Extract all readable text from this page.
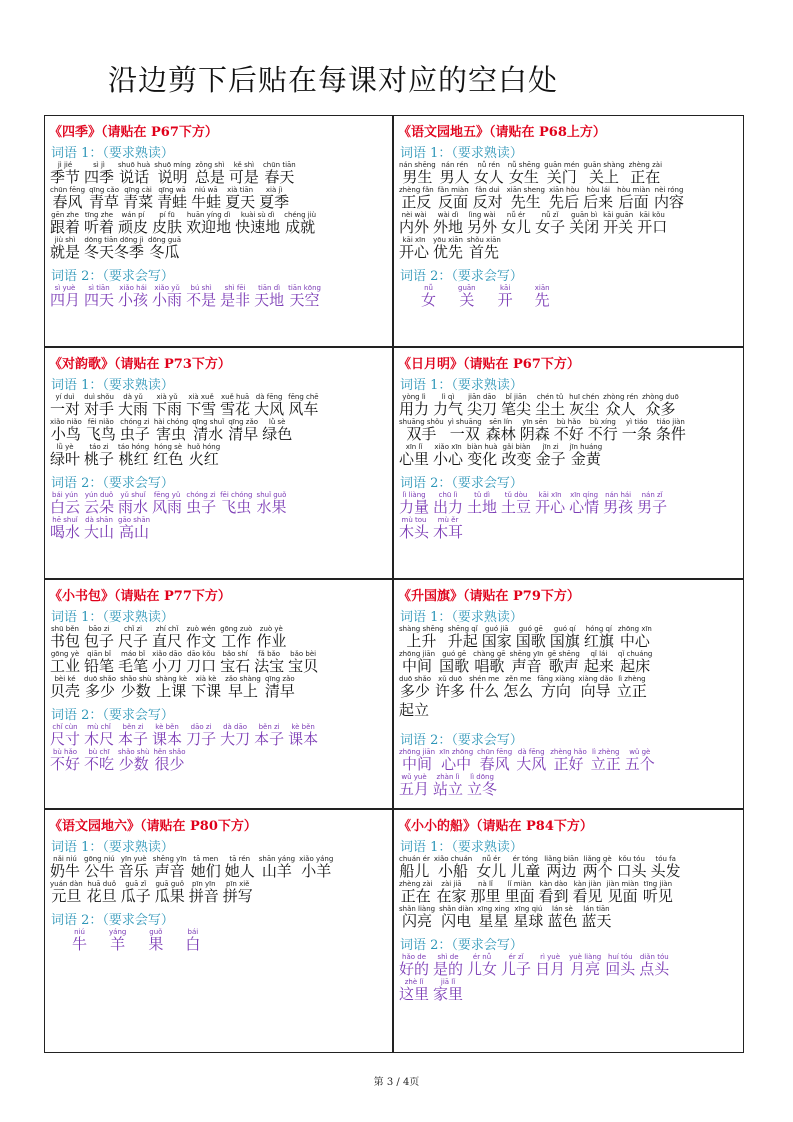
沿边剪下后贴在每课对应的空白处
《四季》（请贴在 P67下方）
词语 1：（要求熟读）
jì jié
季节
sì jì
四季
shuō huà
说话
shuō míng
说明
zǒng shì
总是
kě shì
可是
chūn tiān
春天
chūn fēng
春风
qīng cǎo
青草
qīng cài
青菜
qīng wā
青蛙
niú wā
牛蛙
xià tiān
夏天
xià jì
夏季
gēn zhe
跟着
tīng zhe
听着
wán pí
顽皮
pí fū
皮肤
huān yíng dì
欢迎地
kuài sù dì
快速地
chéng jiù
成就
jiù shì
就是
dōng tiān dōng jì
冬天冬季
dōng guā
冬瓜
词语 2：（要求会写）
sì yuè
四月
sì tiān
四天
xiǎo hái
小孩
xiǎo yǔ
小雨
bú shì
不是
shì fēi
是非
tiān dì
天地
tiān kōng
天空
《语文园地五》（请贴在 P68上方）
词语 1：（要求熟读）
nán shēng
男生
nán rén
男人
nǚ rén
女人
nǚ shēng
女生
guān mén
关门
guān shàng
关上
zhèng zài
正在
zhèng fǎn
正反
fǎn miàn
反面
fǎn duì
反对
xiān sheng
先生
xiān hòu
先后
hòu lái
后来
hòu miàn
后面
nèi róng
内容
nèi wài
内外
wài dì
外地
lìng wài
另外
nǚ ér
女儿
nǚ zǐ
女子
guān bì
关闭
kāi guān
开关
kāi kǒu
开口
kāi xīn
开心
yōu xiān
优先
shǒu xiān
首先
词语 2：（要求会写）
nǚ
女
guān
关
kāi
开
xiān
先
《对韵歌》（请贴在 P73下方）
词语 1：（要求熟读）
yí duì
一对
duì shǒu
对手
dà yǔ
大雨
xià yǔ
下雨
xià xuě
下雪
xuě huā
雪花
dà fēng
大风
fēng chē
风车
xiǎo niǎo
小鸟
fēi niǎo
飞鸟
chóng zi
虫子
hài chóng
害虫
qīng shuǐ
清水
qīng zǎo
清早
lǜ sè
绿色
lǜ yè
绿叶
táo zi
桃子
táo hóng
桃红
hóng sè
红色
huǒ hóng
火红
词语 2：（要求会写）
bái yún
白云
yún duǒ
云朵
yǔ shuǐ
雨水
fēng yǔ
风雨
chóng zi
虫子
fēi chóng
飞虫
shuǐ guǒ
水果
hē shuǐ
喝水
dà shān
大山
gāo shān
高山
《日月明》（请贴在 P67下方）
词语 1：（要求熟读）
yòng lì
用力
lì qì
力气
jiān dāo
尖刀
bǐ jiān
笔尖
chén tǔ
尘土
huī chén
灰尘
zhòng rén
众人
zhòng duō
众多
shuāng shǒu
双手
yì shuāng
一双
sēn lín
森林
yīn sēn
阴森
bù hǎo
不好
bù xíng
不行
yì tiáo
一条
tiáo jiàn
条件
xīn lǐ
心里
xiǎo xīn
小心
biàn huà
变化
gǎi biàn
改变
jīn zi
金子
jīn huáng
金黄
词语 2：（要求会写）
lì liàng
力量
chū lì
出力
tǔ dì
土地
tǔ dòu
土豆
kāi xīn
开心
xīn qíng
心情
nán hái
男孩
nán zǐ
男子
mù tou
木头
mù ěr
木耳
《小书包》（请贴在 P77下方）
词语 1：（要求熟读）
shū běn
书包
bāo zi
包子
chǐ zi
尺子
zhí chǐ
直尺
zuò wén
作文
gōng zuò
工作
zuò yè
作业
gōng yè
工业
qiān bǐ
铅笔
máo bǐ
毛笔
xiǎo dāo
小刀
dāo kǒu
刀口
bǎo shí
宝石
fǎ bǎo
法宝
bǎo bèi
宝贝
bèi ké
贝壳
duō shǎo
多少
shǎo shù
少数
shàng kè
上课
xià kè
下课
zǎo shàng
早上
qīng zǎo
清早
词语 2：（要求会写）
chǐ cùn
尺寸
mù chǐ
木尺
běn zi
本子
kè běn
课本
dāo zi
刀子
dà dāo
大刀
běn zi
本子
kè běn
课本
bù hǎo
不好
bù chī
不吃
shǎo shù
少数
hěn shǎo
很少
《升国旗》（请贴在 P79下方）
词语 1：（要求熟读）
shàng shēng
上升
shēng qǐ
升起
guó jiā
国家
guó gē
国歌
guó qí
国旗
hóng qí
红旗
zhōng xīn
中心
zhōng jiān
中间
guó gē
国歌
chàng gē
唱歌
shēng yīn
声音
gē shēng
歌声
qǐ lái
起来
qǐ chuáng
起床
duō shǎo
多少
xǔ duō
许多
shén me
什么
zěn me
怎么
fāng xiàng
方向
xiàng dǎo
向导
lì zhèng
立正
起立
词语 2：（要求会写）
zhōng jiān
中间
xīn zhōng
心中
chūn fēng
春风
dà fēng
大风
zhèng hǎo
正好
lì zhèng
立正
wǔ gè
五个
wǔ yuè
五月
zhàn lì
站立
lì dōng
立冬
《语文园地六》（请贴在 P80下方）
词语 1：（要求熟读）
nǎi niú
奶牛
gōng niú
公牛
yīn yuè
音乐
shēng yīn
声音
tā men
她们
tā rén
她人
shān yáng
山羊
xiǎo yáng
小羊
yuán dàn
元旦
huā duǒ
花旦
guā zǐ
瓜子
guā guǒ
瓜果
pīn yīn
拼音
pīn xiě
拼写
词语 2：（要求会写）
niú
牛
yáng
羊
guǒ
果
bái
白
《小小的船》（请贴在 P84下方）
词语 1：（要求熟读）
chuán ér
船儿
xiǎo chuán
小船
nǚ ér
女儿
ér tóng
儿童
liǎng biān
两边
liǎng gè
两个
kǒu tóu
口头
tóu fa
头发
zhèng zài
正在
zài jiā
在家
nà lǐ
那里
lǐ miàn
里面
kàn dào
看到
kàn jiàn
看见
jiàn miàn
见面
tīng jiàn
听见
shǎn liàng
闪亮
shǎn diàn
闪电
xīng xing
星星
xīng qiú
星球
lán sè
蓝色
lán tiān
蓝天
词语 2：（要求会写）
hǎo de
好的
shì de
是的
ér nǚ
儿女
ér zǐ
儿子
rì yuè
日月
yuè liàng
月亮
huí tóu
回头
diǎn tóu
点头
zhè lǐ
这里
jiā lǐ
家里
第 3 / 4页
